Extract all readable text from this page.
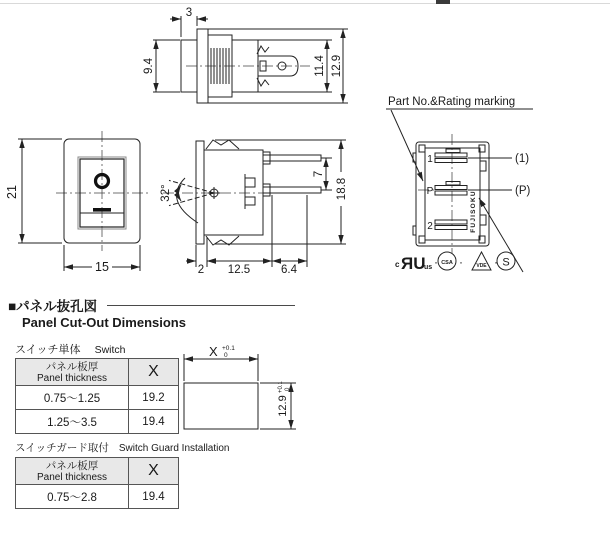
3
9.4	11.4 12.9
21
15
32°
7
18.8
2 12.5	6.4
Part No.&Rating marking
1
P
2	FUJISOKU
(1)
(P)
c ЯU
us · CSA ·	VDE · S
■パネル抜孔図
Panel Cut-Out Dimensions
スイッチ単体 Switch
パネル板厚
Panel thickness	X
0.75〜1.25	19.2
1.25〜3.5	19.4
X +0.1
0
12.9
+0.1 0
スイッチガード取付 Switch Guard Installation
パネル板厚
Panel thickness	X
0.75〜2.8	19.4
